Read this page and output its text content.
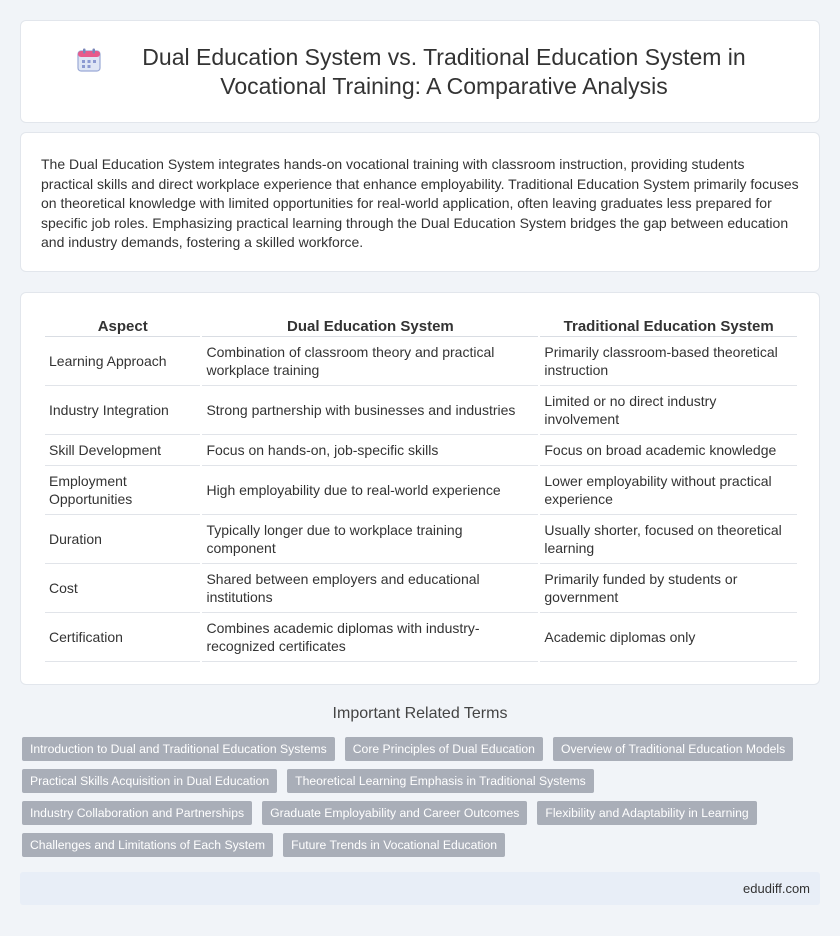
Dual Education System vs. Traditional Education System in Vocational Training: A Comparative Analysis

The Dual Education System integrates hands-on vocational training with classroom instruction, providing students practical skills and direct workplace experience that enhance employability. Traditional Education System primarily focuses on theoretical knowledge with limited opportunities for real-world application, often leaving graduates less prepared for specific job roles. Emphasizing practical learning through the Dual Education System bridges the gap between education and industry demands, fostering a skilled workforce.

Aspect	Dual Education System	Traditional Education System
Learning Approach	Combination of classroom theory and practical workplace training	Primarily classroom-based theoretical instruction
Industry Integration	Strong partnership with businesses and industries	Limited or no direct industry involvement
Skill Development	Focus on hands-on, job-specific skills	Focus on broad academic knowledge
Employment Opportunities	High employability due to real-world experience	Lower employability without practical experience
Duration	Typically longer due to workplace training component	Usually shorter, focused on theoretical learning
Cost	Shared between employers and educational institutions	Primarily funded by students or government
Certification	Combines academic diplomas with industry-recognized certificates	Academic diplomas only
Important Related Terms
Introduction to Dual and Traditional Education Systems	Core Principles of Dual Education	Overview of Traditional Education Models
Practical Skills Acquisition in Dual Education	Theoretical Learning Emphasis in Traditional Systems
Industry Collaboration and Partnerships	Graduate Employability and Career Outcomes	Flexibility and Adaptability in Learning
Challenges and Limitations of Each System	Future Trends in Vocational Education
edudiff.com
